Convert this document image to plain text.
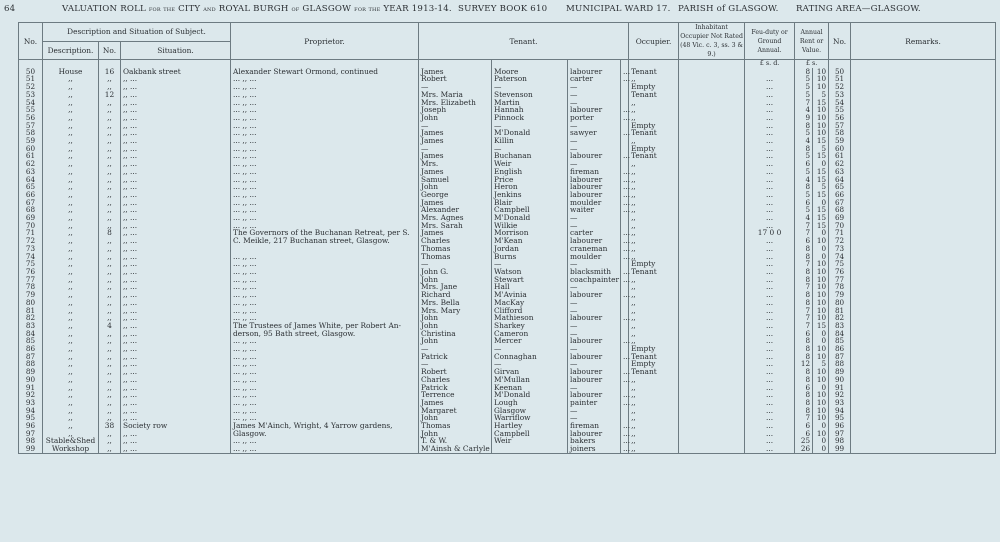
64	VALUATION ROLL for the CITY and ROYAL BURGH of GLASGOW for the YEAR 1913-14. SURVEY BOOK 610 MUNICIPAL WARD 17. PARISH of GLASGOW. RATING AREA—GLASGOW.
No.	Description and Situation of Subject.			Proprietor.	Tenant.				Occupier.	Inhabitant Occupier Not Rated (48 Vic. c. 3, ss. 3 & 9.)	Feu-duty or Ground Annual.	Annual Rent or Value.		No.	Remarks.
	Description.	No.	Situation.												
											£ s. d.	£ s.			
50	House	16	Oakbank street	Alexander Stewart Ormond, continued	James	Moore	labourer	...	Tenant			8	10	50	
51	,,	,,	,, ...	... ,, ...	Robert	Paterson	carter	...	,,		...	5	10	51	
52	,,	,,	,, ...	... ,, ...	—	—	—		Empty		...	5	10	52	
53	,,	12	,, ...	... ,, ...	Mrs. Maria	Stevenson	—		Tenant		...	5	5	53	
54	,,	,,	,, ...	... ,, ...	Mrs. Elizabeth	Martin	—		,,		...	7	15	54	
55	,,	,,	,, ...	... ,, ...	Joseph	Hannah	labourer	...	,,		...	4	10	55	
56	,,	,,	,, ...	... ,, ...	John	Pinnock	porter	...	,,		...	9	10	56	
57	,,	,,	,, ...	... ,, ...	—	—	—		Empty		...	8	10	57	
58	,,	,,	,, ...	... ,, ...	James	M'Donald	sawyer	...	Tenant		...	5	10	58	
59	,,	,,	,, ...	... ,, ...	James	Killin	—		,,		...	4	15	59	
60	,,	,,	,, ...	... ,, ...	—	—	—		Empty		...	8	5	60	
61	,,	,,	,, ...	... ,, ...	James	Buchanan	labourer	...	Tenant		...	5	15	61	
62	,,	,,	,, ...	... ,, ...	Mrs.	Weir	—		,,		...	6	0	62	
63	,,	,,	,, ...	... ,, ...	James	English	fireman	...	,,		...	5	15	63	
64	,,	,,	,, ...	... ,, ...	Samuel	Price	labourer	...	,,		...	4	15	64	
65	,,	,,	,, ...	... ,, ...	John	Heron	labourer	...	,,		...	8	5	65	
66	,,	,,	,, ...	... ,, ...	George	Jenkins	labourer	...	,,		...	5	15	66	
67	,,	,,	,, ...	... ,, ...	James	Blair	moulder	...	,,		...	6	0	67	
68	,,	,,	,, ...	... ,, ...	Alexander	Campbell	waiter	...	,,		...	5	15	68	
69	,,	,,	,, ...	... ,, ...	Mrs. Agnes	M'Donald	—		,,		...	4	15	69	
70	,,	,,	,, ...	... ,, ...	Mrs. Sarah	Wilkie	—		,,		...	7	15	70	
71	,,	8	,, ...	The Governors of the Buchanan Retreat, per S.	James	Morrison	carter	...	,,		17 0 0	7	0	71	
72	,,	,,	,, ...	C. Meikle, 217 Buchanan street, Glasgow.	Charles	M'Kean	labourer	...	,,		...	6	10	72	
73	,,	,,	,, ...		Thomas	Jordan	craneman	...	,,		...	8	0	73	
74	,,	,,	,, ...	... ,, ...	Thomas	Burns	moulder	...	,,		...	8	0	74	
75	,,	,,	,, ...	... ,, ...	—	—	—		Empty		...	7	10	75	
76	,,	,,	,, ...	... ,, ...	John G.	Watson	blacksmith	...	Tenant		...	8	10	76	
77	,,	,,	,, ...	... ,, ...	John	Stewart	coachpainter	...	,,		...	8	10	77	
78	,,	,,	,, ...	... ,, ...	Mrs. Jane	Hall	—		,,		...	7	10	78	
79	,,	,,	,, ...	... ,, ...	Richard	M'Avinia	labourer	...	,,		...	8	10	79	
80	,,	,,	,, ...	... ,, ...	Mrs. Bella	MacKay	—		,,		...	8	10	80	
81	,,	,,	,, ...	... ,, ...	Mrs. Mary	Clifford	—		,,		...	7	10	81	
82	,,	,,	,, ...	... ,, ...	John	Mathieson	labourer	...	,,		...	7	10	82	
83	,,	4	,, ...	The Trustees of James White, per Robert An-	John	Sharkey	—		,,		...	7	15	83	
84	,,	,,	,, ...	derson, 95 Bath street, Glasgow.	Christina	Cameron	—		,,		...	6	0	84	
85	,,	,,	,, ...	... ,, ...	John	Mercer	labourer	...	,,		...	8	0	85	
86	,,	,,	,, ...	... ,, ...	—	—	—		Empty		...	8	10	86	
87	,,	,,	,, ...	... ,, ...	Patrick	Connaghan	labourer	...	Tenant		...	8	10	87	
88	,,	,,	,, ...	... ,, ...	—	—	—		Empty		...	12	5	88	
89	,,	,,	,, ...	... ,, ...	Robert	Girvan	labourer	...	Tenant		...	8	10	89	
90	,,	,,	,, ...	... ,, ...	Charles	M'Mullan	labourer	...	,,		...	8	10	90	
91	,,	,,	,, ...	... ,, ...	Patrick	Keenan	—		,,		...	6	0	91	
92	,,	,,	,, ...	... ,, ...	Terrence	M'Donald	labourer	...	,,		...	8	10	92	
93	,,	,,	,, ...	... ,, ...	James	Lough	painter	...	,,		...	8	10	93	
94	,,	,,	,, ...	... ,, ...	Margaret	Glasgow	—		,,		...	8	10	94	
95	,,	,,	,, ...	... ,, ...	John	Warriflow	—		,,		...	7	10	95	
96	,,	38	Society row	James M'Ainch, Wright, 4 Yarrow gardens,	Thomas	Hartley	fireman	...	,,		...	6	0	96	
97	,,	,,	,, ...	Glasgow.	John	Campbell	labourer	...	,,		...	6	10	97	
98	Stable&Shed	,,	,, ...	... ,, ...	T. & W.	Weir	bakers	...	,,		...	25	0	98	
99	Workshop	,,	,, ...	... ,, ...	M'Ainsh & Carlyle		joiners	...	,,		...	26	0	99	
